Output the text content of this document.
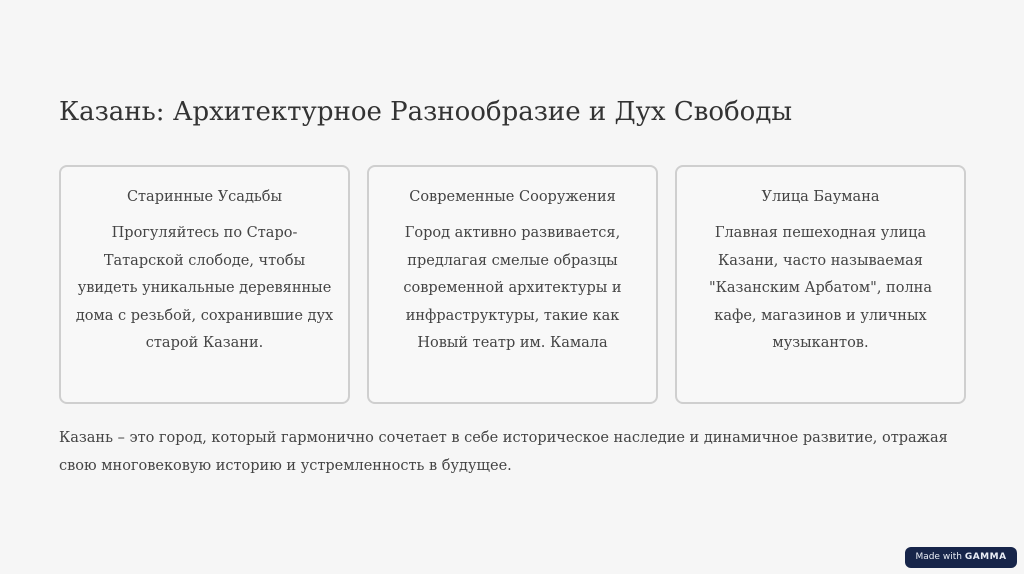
Казань: Архитектурное Разнообразие и Дух Свободы

Старинные Усадьбы

Прогуляйтесь по Старо-Татарской слободе, чтобы увидеть уникальные деревянные дома с резьбой, сохранившие дух старой Казани.

Современные Сооружения

Город активно развивается, предлагая смелые образцы современной архитектуры и инфраструктуры, такие как Новый театр им. Камала

Улица Баумана

Главная пешеходная улица Казани, часто называемая "Казанским Арбатом", полна кафе, магазинов и уличных музыкантов.

Казань – это город, который гармонично сочетает в себе историческое наследие и динамичное развитие, отражая свою многовековую историю и устремленность в будущее.

Made with GAMMA
